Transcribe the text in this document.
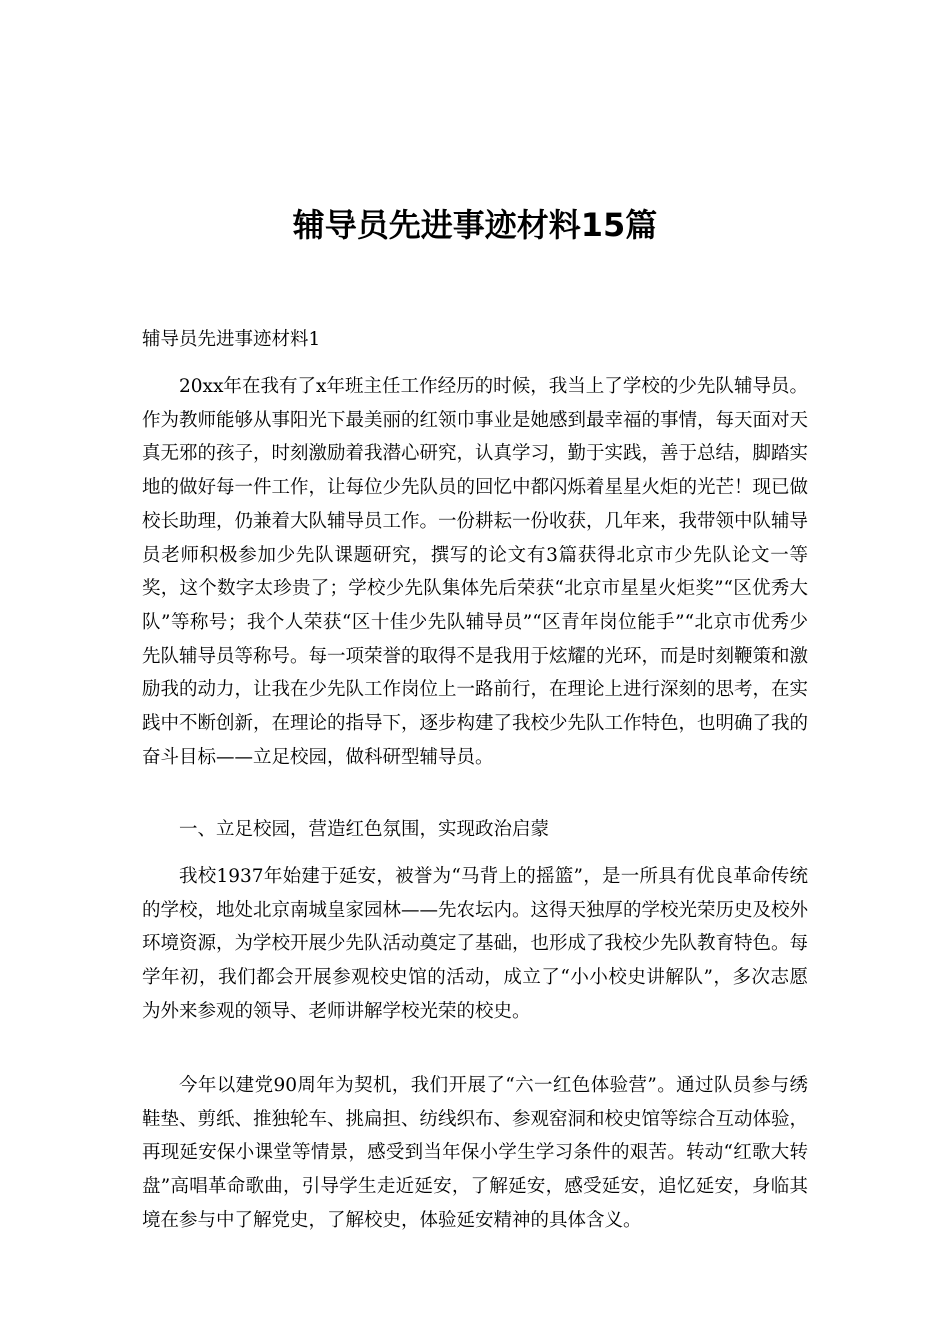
辅导员先进事迹材料15篇

辅导员先进事迹材料1

20xx年在我有了x年班主任工作经历的时候，我当上了学校的少先队辅导员。作为教师能够从事阳光下最美丽的红领巾事业是她感到最幸福的事情，每天面对天真无邪的孩子，时刻激励着我潜心研究，认真学习，勤于实践，善于总结，脚踏实地的做好每一件工作，让每位少先队员的回忆中都闪烁着星星火炬的光芒！现已做校长助理，仍兼着大队辅导员工作。一份耕耘一份收获，几年来，我带领中队辅导员老师积极参加少先队课题研究，撰写的论文有3篇获得北京市少先队论文一等奖，这个数字太珍贵了；学校少先队集体先后荣获“北京市星星火炬奖”“区优秀大队”等称号；我个人荣获“区十佳少先队辅导员”“区青年岗位能手”“北京市优秀少先队辅导员等称号。每一项荣誉的取得不是我用于炫耀的光环，而是时刻鞭策和激励我的动力，让我在少先队工作岗位上一路前行，在理论上进行深刻的思考，在实践中不断创新，在理论的指导下，逐步构建了我校少先队工作特色，也明确了我的奋斗目标——立足校园，做科研型辅导员。

一、立足校园，营造红色氛围，实现政治启蒙

我校1937年始建于延安，被誉为“马背上的摇篮”，是一所具有优良革命传统的学校，地处北京南城皇家园林——先农坛内。这得天独厚的学校光荣历史及校外环境资源，为学校开展少先队活动奠定了基础，也形成了我校少先队教育特色。每学年初，我们都会开展参观校史馆的活动，成立了“小小校史讲解队”，多次志愿为外来参观的领导、老师讲解学校光荣的校史。

今年以建党90周年为契机，我们开展了“六一红色体验营”。通过队员参与绣鞋垫、剪纸、推独轮车、挑扁担、纺线织布、参观窑洞和校史馆等综合互动体验，再现延安保小课堂等情景，感受到当年保小学生学习条件的艰苦。转动“红歌大转盘”高唱革命歌曲，引导学生走近延安，了解延安，感受延安，追忆延安，身临其境在参与中了解党史，了解校史，体验延安精神的具体含义。
